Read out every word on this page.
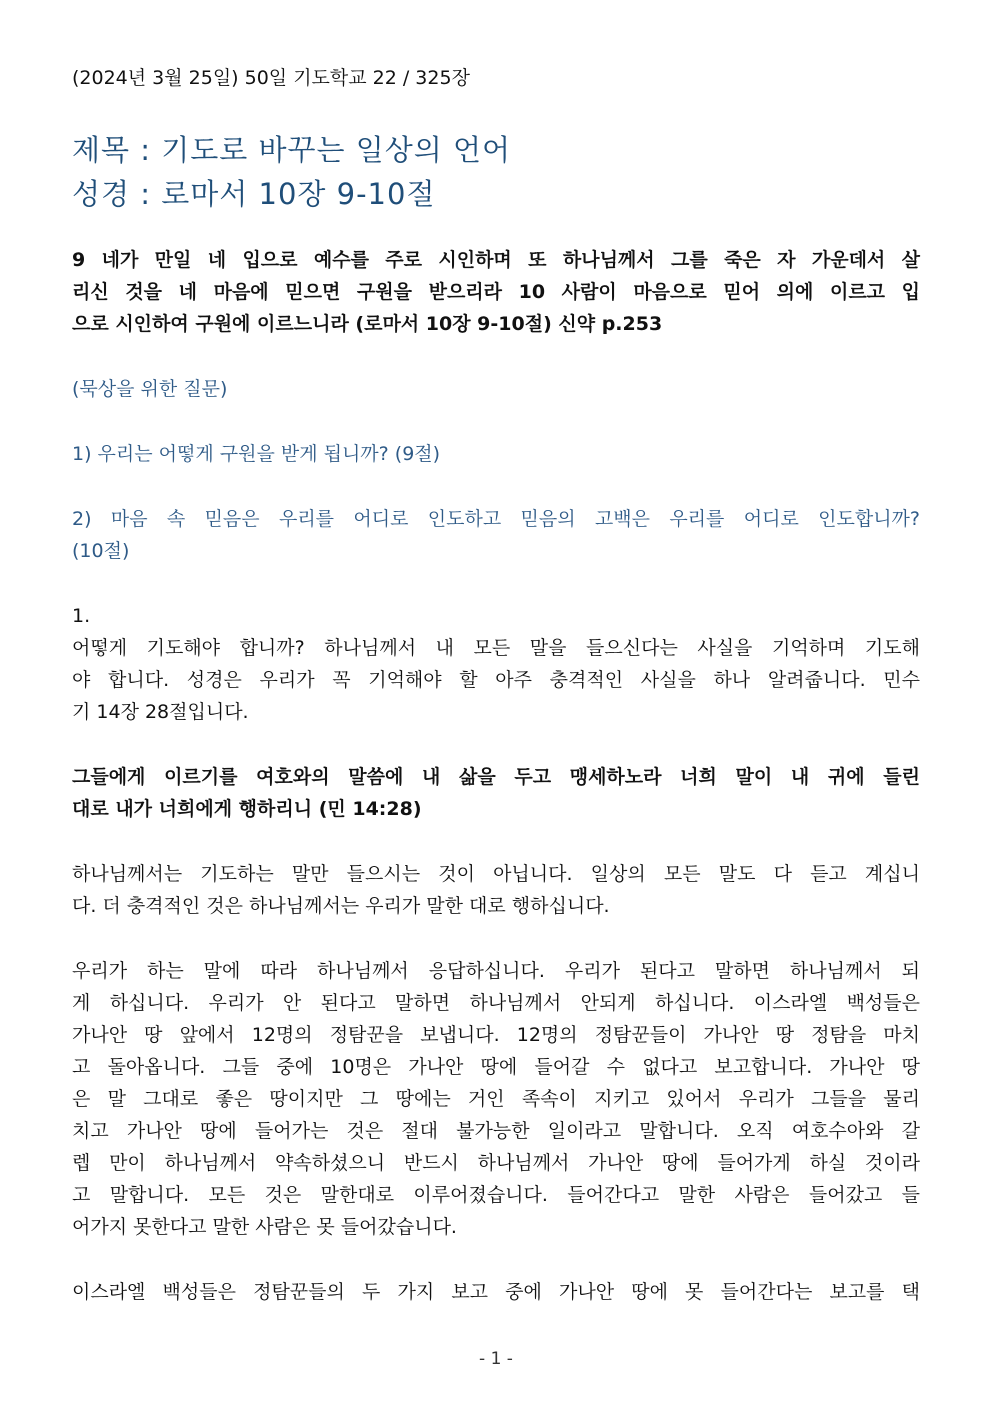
(2024년 3월 25일) 50일 기도학교 22 / 325장
제목 : 기도로 바꾸는 일상의 언어
성경 : 로마서 10장 9-10절
9 네가 만일 네 입으로 예수를 주로 시인하며 또 하나님께서 그를 죽은 자 가운데서 살
리신 것을 네 마음에 믿으면 구원을 받으리라 10 사람이 마음으로 믿어 의에 이르고 입
으로 시인하여 구원에 이르느니라 (로마서 10장 9-10절) 신약 p.253
(묵상을 위한 질문)
1) 우리는 어떻게 구원을 받게 됩니까? (9절)
2) 마음 속 믿음은 우리를 어디로 인도하고 믿음의 고백은 우리를 어디로 인도합니까?
(10절)
1.
어떻게 기도해야 합니까? 하나님께서 내 모든 말을 들으신다는 사실을 기억하며 기도해
야 합니다. 성경은 우리가 꼭 기억해야 할 아주 충격적인 사실을 하나 알려줍니다. 민수
기 14장 28절입니다.
그들에게 이르기를 여호와의 말씀에 내 삶을 두고 맹세하노라 너희 말이 내 귀에 들린
대로 내가 너희에게 행하리니 (민 14:28)
하나님께서는 기도하는 말만 들으시는 것이 아닙니다. 일상의 모든 말도 다 듣고 계십니
다. 더 충격적인 것은 하나님께서는 우리가 말한 대로 행하십니다.
우리가 하는 말에 따라 하나님께서 응답하십니다. 우리가 된다고 말하면 하나님께서 되
게 하십니다. 우리가 안 된다고 말하면 하나님께서 안되게 하십니다. 이스라엘 백성들은
가나안 땅 앞에서 12명의 정탐꾼을 보냅니다. 12명의 정탐꾼들이 가나안 땅 정탐을 마치
고 돌아옵니다. 그들 중에 10명은 가나안 땅에 들어갈 수 없다고 보고합니다. 가나안 땅
은 말 그대로 좋은 땅이지만 그 땅에는 거인 족속이 지키고 있어서 우리가 그들을 물리
치고 가나안 땅에 들어가는 것은 절대 불가능한 일이라고 말합니다. 오직 여호수아와 갈
렙 만이 하나님께서 약속하셨으니 반드시 하나님께서 가나안 땅에 들어가게 하실 것이라
고 말합니다. 모든 것은 말한대로 이루어졌습니다. 들어간다고 말한 사람은 들어갔고 들
어가지 못한다고 말한 사람은 못 들어갔습니다.
이스라엘 백성들은 정탐꾼들의 두 가지 보고 중에 가나안 땅에 못 들어간다는 보고를 택
- 1 -
